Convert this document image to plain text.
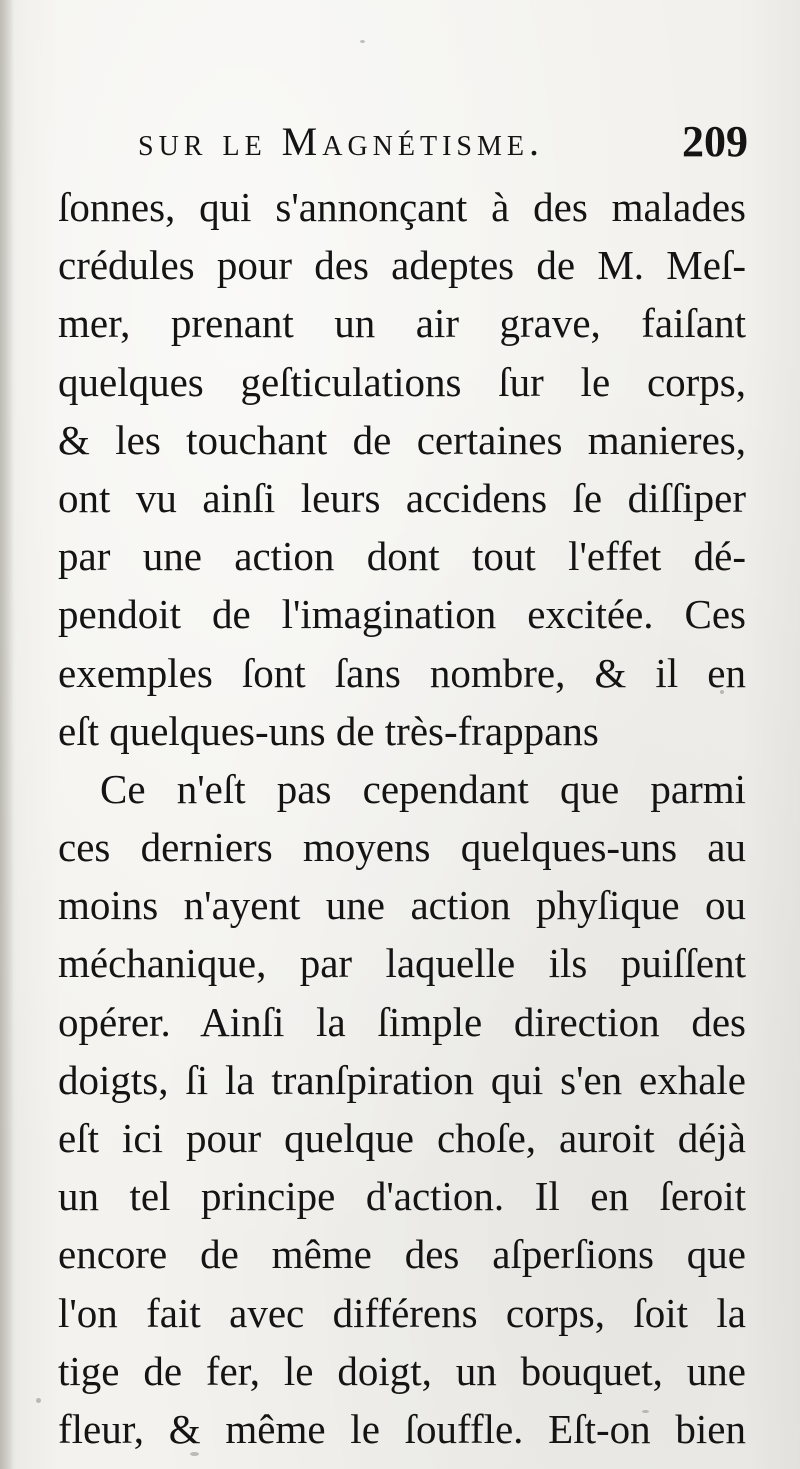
sur le Magnétisme.	209
ſonnes, qui s'annonçant à des malades
crédules pour des adeptes de M. Meſ-
mer, prenant un air grave, faiſant
quelques geſticulations ſur le corps,
& les touchant de certaines manieres,
ont vu ainſi leurs accidens ſe diſſiper
par une action dont tout l'effet dé-
pendoit de l'imagination excitée. Ces
exemples ſont ſans nombre, & il en
eſt quelques-uns de très-frappans
Ce n'eſt pas cependant que parmi
ces derniers moyens quelques-uns au
moins n'ayent une action phyſique ou
méchanique, par laquelle ils puiſſent
opérer. Ainſi la ſimple direction des
doigts, ſi la tranſpiration qui s'en exhale
eſt ici pour quelque choſe, auroit déjà
un tel principe d'action. Il en ſeroit
encore de même des aſperſions que
l'on fait avec différens corps, ſoit la
tige de fer, le doigt, un bouquet, une
fleur, & même le ſouffle. Eſt-on bien
